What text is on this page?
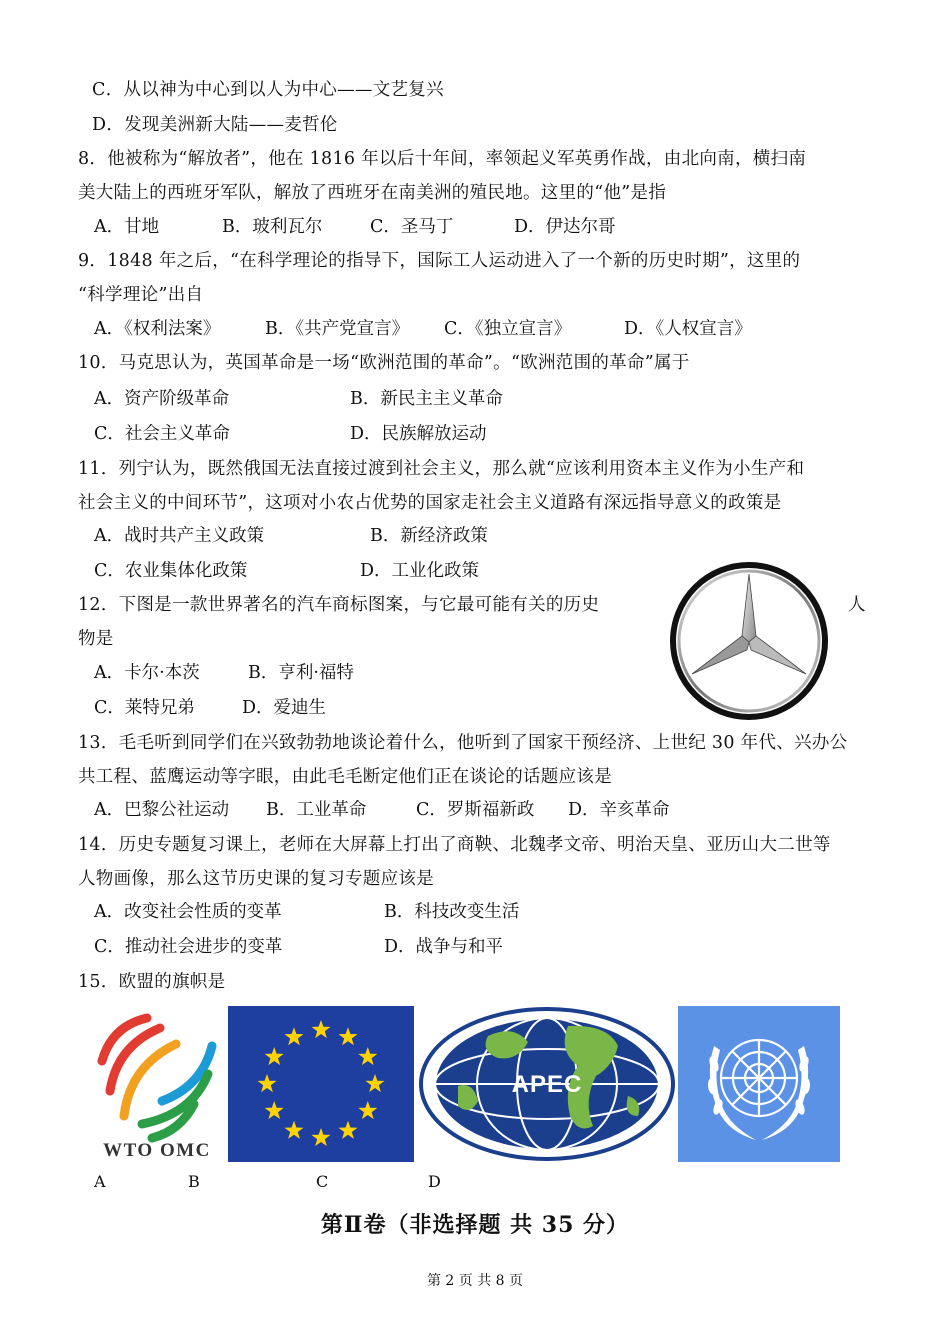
C．从以神为中心到以人为中心——文艺复兴
D．发现美洲新大陆——麦哲伦
8．他被称为“解放者”，他在 1816 年以后十年间，率领起义军英勇作战，由北向南，横扫南
美大陆上的西班牙军队，解放了西班牙在南美洲的殖民地。这里的“他”是指
A．甘地	B．玻利瓦尔	C．圣马丁	D．伊达尔哥
9．1848 年之后，“在科学理论的指导下，国际工人运动进入了一个新的历史时期”，这里的
“科学理论”出自
A．《权利法案》	B．《共产党宣言》 C．《独立宣言》	D．《人权宣言》
10．马克思认为，英国革命是一场“欧洲范围的革命”。“欧洲范围的革命”属于
A．资产阶级革命	B．新民主主义革命
C．社会主义革命	D．民族解放运动
11．列宁认为，既然俄国无法直接过渡到社会主义，那么就“应该利用资本主义作为小生产和
社会主义的中间环节”，这项对小农占优势的国家走社会主义道路有深远指导意义的政策是
A．战时共产主义政策	B．新经济政策
C．农业集体化政策	D．工业化政策
12．下图是一款世界著名的汽车商标图案，与它最可能有关的历史	人
物是
A．卡尔·本茨	B．亨利·福特
C．莱特兄弟	D．爱迪生
13．毛毛听到同学们在兴致勃勃地谈论着什么，他听到了国家干预经济、上世纪 30 年代、兴办公
共工程、蓝鹰运动等字眼，由此毛毛断定他们正在谈论的话题应该是
A．巴黎公社运动 B．工业革命	C．罗斯福新政 D．辛亥革命
14．历史专题复习课上，老师在大屏幕上打出了商鞅、北魏孝文帝、明治天皇、亚历山大二世等
人物画像，那么这节历史课的复习专题应该是
A．改变社会性质的变革	B．科技改变生活
C．推动社会进步的变革	D．战争与和平
15．欧盟的旗帜是
WTO OMC
APEC
A	B	C	D
第Ⅱ卷（非选择题 共 35 分）
第 2 页 共 8 页
